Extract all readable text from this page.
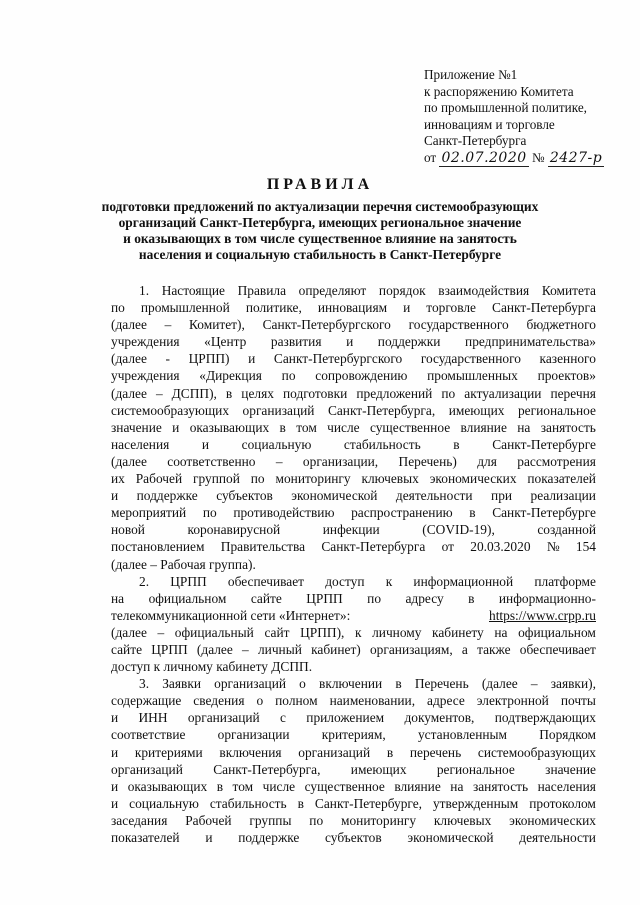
Приложение №1
к распоряжению Комитета
по промышленной политике,
инновациям и торговле
Санкт-Петербурга
от 02.07.2020 № 2427-р
ПРАВИЛА
подготовки предложений по актуализации перечня системообразующих
организаций Санкт-Петербурга, имеющих региональное значение
и оказывающих в том числе существенное влияние на занятость
населения и социальную стабильность в Санкт-Петербурге
1. Настоящие Правила определяют порядок взаимодействия Комитета
по промышленной политике, инновациям и торговле Санкт-Петербурга
(далее – Комитет), Санкт-Петербургского государственного бюджетного
учреждения «Центр развития и поддержки предпринимательства»
(далее - ЦРПП) и Санкт-Петербургского государственного казенного
учреждения «Дирекция по сопровождению промышленных проектов»
(далее – ДСПП), в целях подготовки предложений по актуализации перечня
системообразующих организаций Санкт-Петербурга, имеющих региональное
значение и оказывающих в том числе существенное влияние на занятость
населения и социальную стабильность в Санкт-Петербурге
(далее соответственно – организации, Перечень) для рассмотрения
их Рабочей группой по мониторингу ключевых экономических показателей
и поддержке субъектов экономической деятельности при реализации
мероприятий по противодействию распространению в Санкт-Петербурге
новой	коронавирусной	инфекции	(COVID-19),	созданной
постановлением Правительства Санкт-Петербурга от 20.03.2020 № 154
(далее – Рабочая группа).
2. ЦРПП обеспечивает доступ к информационной платформе
на официальном сайте ЦРПП по адресу в информационно-
телекоммуникационной сети «Интернет»:	https://www.crpp.ru
(далее – официальный сайт ЦРПП), к личному кабинету на официальном
сайте ЦРПП (далее – личный кабинет) организациям, а также обеспечивает
доступ к личному кабинету ДСПП.
3. Заявки организаций о включении в Перечень (далее – заявки),
содержащие сведения о полном наименовании, адресе электронной почты
и ИНН организаций с приложением документов, подтверждающих
соответствие организации критериям, установленным Порядком
и критериями включения организаций в перечень системообразующих
организаций Санкт-Петербурга, имеющих региональное значение
и оказывающих в том числе существенное влияние на занятость населения
и социальную стабильность в Санкт-Петербурге, утвержденным протоколом
заседания Рабочей группы по мониторингу ключевых экономических
показателей и поддержке субъектов экономической деятельности
